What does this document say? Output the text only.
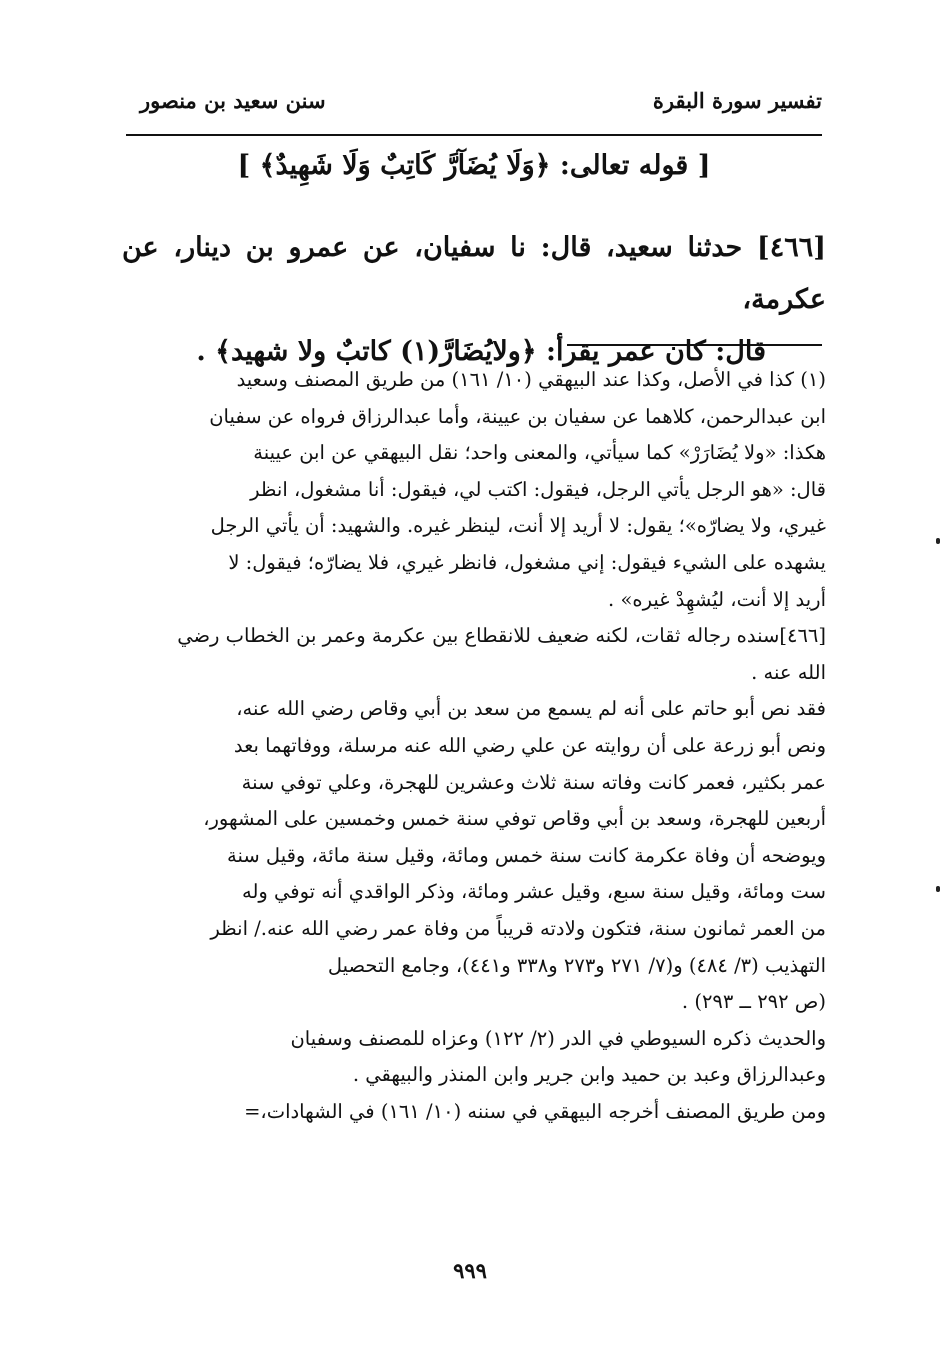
تفسير سورة البقرة
سنن سعيد بن منصور
[ قوله تعالى: ﴿وَلَا يُضَآرَّ كَاتِبٌ وَلَا شَهِيدٌ﴾ ]
[٤٦٦] حدثنا سعيد، قال: نا سفيان، عن عمرو بن دينار، عن عكرمة،

قال: كان عمر يقرأ: ﴿ولايُضَارَّ(١) كاتبٌ ولا شهيد﴾ .

(١) كذا في الأصل، وكذا عند البيهقي (١٠/ ١٦١) من طريق المصنف وسعيد

ابن عبدالرحمن، كلاهما عن سفيان بن عيينة، وأما عبدالرزاق فرواه عن سفيان

هكذا: «ولا يُضَارَرْ» كما سيأتي، والمعنى واحد؛ نقل البيهقي عن ابن عيينة

قال: «هو الرجل يأتي الرجل، فيقول: اكتب لي، فيقول: أنا مشغول، انظر

غيري، ولا يضارّه»؛ يقول: لا أريد إلا أنت، لينظر غيره. والشهيد: أن يأتي الرجل

يشهده على الشيء فيقول: إني مشغول، فانظر غيري، فلا يضارّه؛ فيقول: لا

أريد إلا أنت، ليُشهِدْ غيره» .

[٤٦٦]سنده رجاله ثقات، لكنه ضعيف للانقطاع بين عكرمة وعمر بن الخطاب رضي

الله عنه .

فقد نص أبو حاتم على أنه لم يسمع من سعد بن أبي وقاص رضي الله عنه،

ونص أبو زرعة على أن روايته عن علي رضي الله عنه مرسلة، ووفاتهما بعد

عمر بكثير، فعمر كانت وفاته سنة ثلاث وعشرين للهجرة، وعلي توفي سنة

أربعين للهجرة، وسعد بن أبي وقاص توفي سنة خمس وخمسين على المشهور،

ويوضحه أن وفاة عكرمة كانت سنة خمس ومائة، وقيل سنة مائة، وقيل سنة

ست ومائة، وقيل سنة سبع، وقيل عشر ومائة، وذكر الواقدي أنه توفي وله

من العمر ثمانون سنة، فتكون ولادته قريباً من وفاة عمر رضي الله عنه./ انظر

التهذيب (٣/ ٤٨٤) و(٧/ ٢٧١ و٢٧٣ و٣٣٨ و٤٤١)، وجامع التحصيل

(ص ٢٩٢ ــ ٢٩٣) .

والحديث ذكره السيوطي في الدر (٢/ ١٢٢) وعزاه للمصنف وسفيان

وعبدالرزاق وعبد بن حميد وابن جرير وابن المنذر والبيهقي .

ومن طريق المصنف أخرجه البيهقي في سننه (١٠/ ١٦١) في الشهادات،=

٩٩٩
